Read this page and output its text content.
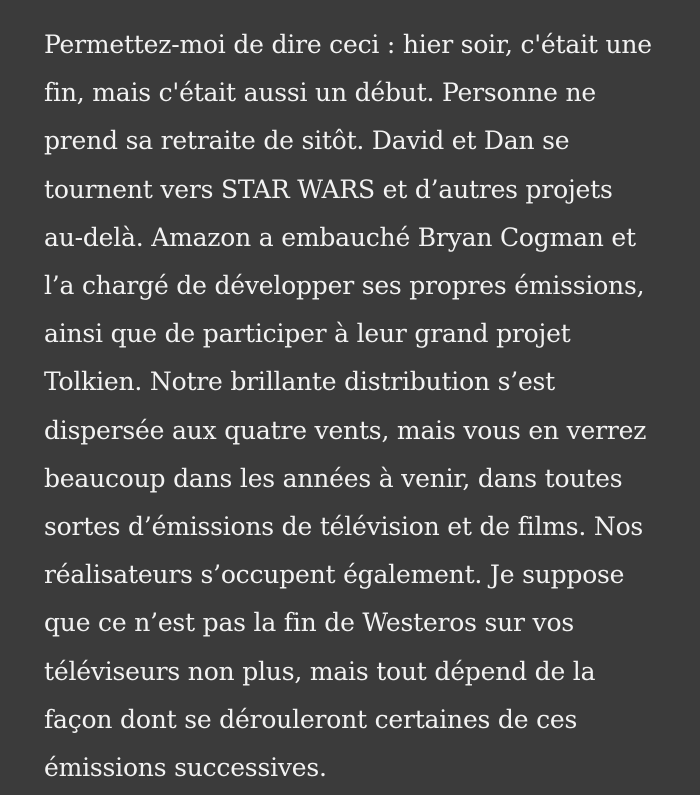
Permettez-moi de dire ceci : hier soir, c'était une
fin, mais c'était aussi un début. Personne ne
prend sa retraite de sitôt. David et Dan se
tournent vers STAR WARS et d’autres projets
au-delà. Amazon a embauché Bryan Cogman et
l’a chargé de développer ses propres émissions,
ainsi que de participer à leur grand projet
Tolkien. Notre brillante distribution s’est
dispersée aux quatre vents, mais vous en verrez
beaucoup dans les années à venir, dans toutes
sortes d’émissions de télévision et de films. Nos
réalisateurs s’occupent également. Je suppose
que ce n’est pas la fin de Westeros sur vos
téléviseurs non plus, mais tout dépend de la
façon dont se dérouleront certaines de ces
émissions successives.
